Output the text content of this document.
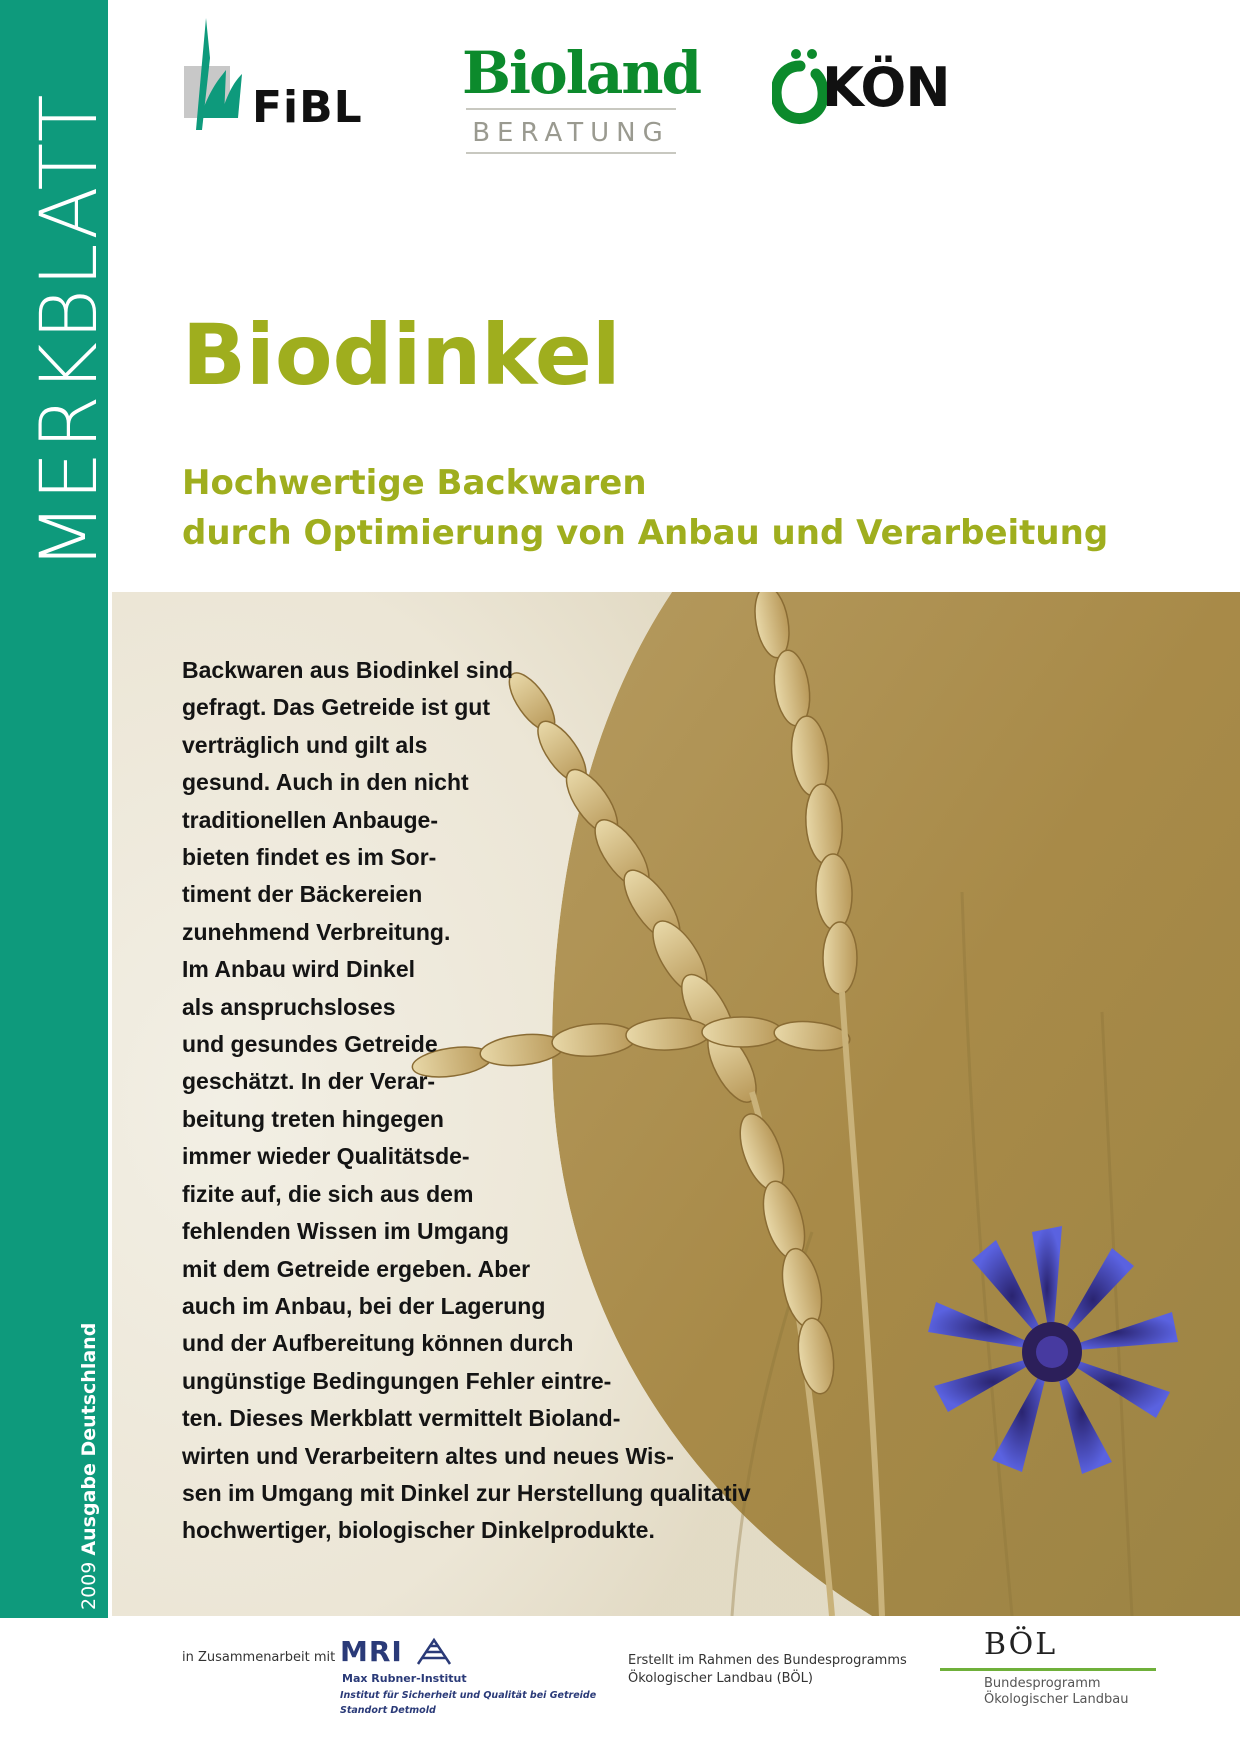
MERKBLATT
2009 Ausgabe Deutschland
FiBL
Bioland
BERATUNG
KÖN
Biodinkel
Hochwertige Backwaren
durch Optimierung von Anbau und Verarbeitung

Backwaren aus Biodinkel sind
gefragt. Das Getreide ist gut
verträglich und gilt als
gesund. Auch in den nicht
traditionellen Anbauge-
bieten findet es im Sor-
timent der Bäckereien
zunehmend Verbreitung.
Im Anbau wird Dinkel
als anspruchsloses
und gesundes Getreide
geschätzt. In der Verar-
beitung treten hingegen
immer wieder Qualitätsde-
fizite auf, die sich aus dem
fehlenden Wissen im Umgang
mit dem Getreide ergeben. Aber
auch im Anbau, bei der Lagerung
und der Aufbereitung können durch
ungünstige Bedingungen Fehler eintre-
ten. Dieses Merkblatt vermittelt Bioland-
wirten und Verarbeitern altes und neues Wis-
sen im Umgang mit Dinkel zur Herstellung qualitativ
hochwertiger, biologischer Dinkelprodukte.

in Zusammenarbeit mit MRI
Max Rubner-Institut
Institut für Sicherheit und Qualität bei Getreide
Standort Detmold
Erstellt im Rahmen des Bundesprogramms
Ökologischer Landbau (BÖL)
BÖL
Bundesprogramm Ökologischer Landbau
